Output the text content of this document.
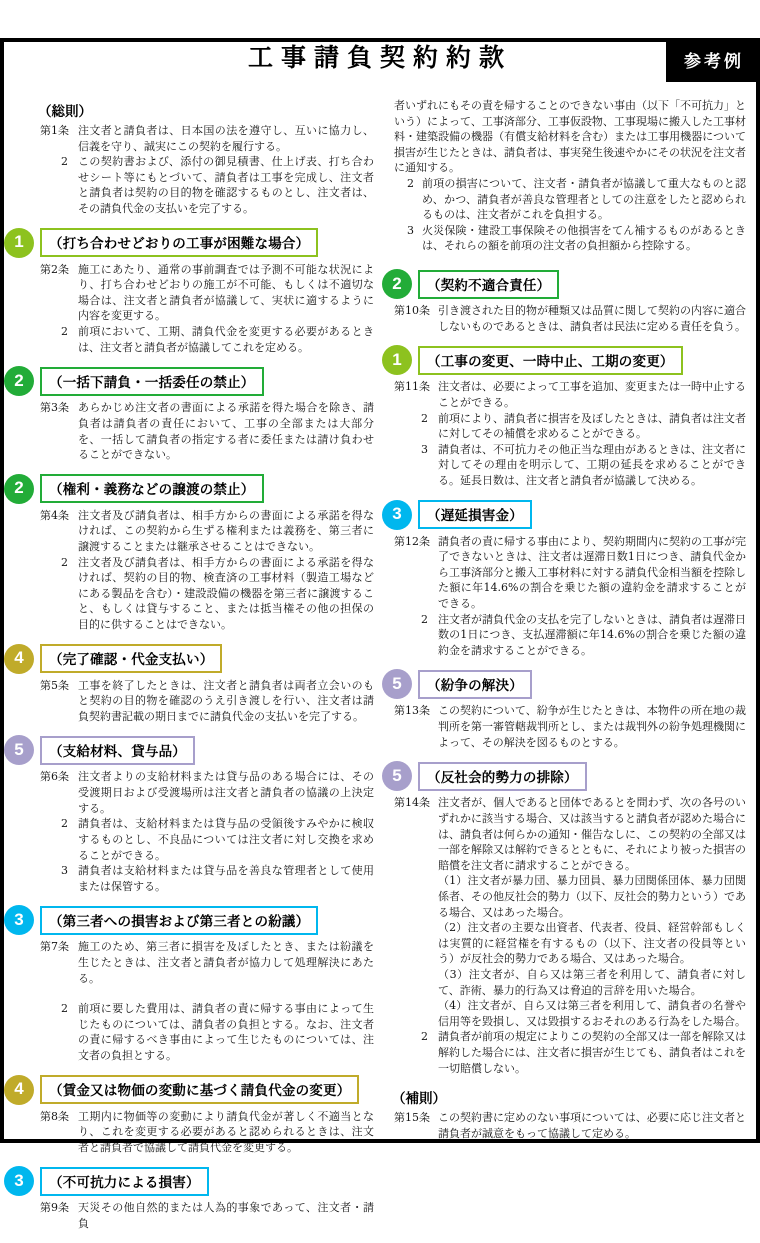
参考例
工事請負契約約款
（総則）
第1条 注文者と請負者は、日本国の法を遵守し、互いに協力し、信義を守り、誠実にこの契約を履行する。
2 この契約書および、添付の御見積書、仕上げ表、打ち合わせシート等にもとづいて、請負者は工事を完成し、注文者と請負者は契約の目的物を確認するものとし、注文者は、その請負代金の支払いを完了する。
1	（打ち合わせどおりの工事が困難な場合）
第2条 施工にあたり、通常の事前調査では予測不可能な状況により、打ち合わせどおりの施工が不可能、もしくは不適切な場合は、注文者と請負者が協議して、実状に適するように内容を変更する。
2 前項において、工期、請負代金を変更する必要があるときは、注文者と請負者が協議してこれを定める。
2	（一括下請負・一括委任の禁止）
第3条 あらかじめ注文者の書面による承諾を得た場合を除き、請負者は請負者の責任において、工事の全部または大部分を、一括して請負者の指定する者に委任または請け負わせることができない。
2	（権利・義務などの譲渡の禁止）
第4条 注文者及び請負者は、相手方からの書面による承諾を得なければ、この契約から生ずる権利または義務を、第三者に譲渡することまたは継承させることはできない。
2 注文者及び請負者は、相手方からの書面による承諾を得なければ、契約の目的物、検査済の工事材料（製造工場などにある製品を含む）・建設設備の機器を第三者に譲渡すること、もしくは貸与すること、または抵当権その他の担保の目的に供することはできない。
4	（完了確認・代金支払い）
第5条 工事を終了したときは、注文者と請負者は両者立会いのもと契約の目的物を確認のうえ引き渡しを行い、注文者は請負契約書記載の期日までに請負代金の支払いを完了する。
5	（支給材料、貸与品）
第6条 注文者よりの支給材料または貸与品のある場合には、その受渡期日および受渡場所は注文者と請負者の協議の上決定する。
2 請負者は、支給材料または貸与品の受領後すみやかに検収するものとし、不良品については注文者に対し交換を求めることができる。
3 請負者は支給材料または貸与品を善良な管理者として使用または保管する。
3	（第三者への損害および第三者との紛議）
第7条 施工のため、第三者に損害を及ぼしたとき、または紛議を生じたときは、注文者と請負者が協力して処理解決にあたる。
2 前項に要した費用は、請負者の責に帰する事由によって生じたものについては、請負者の負担とする。なお、注文者の責に帰するべき事由によって生じたものについては、注文者の負担とする。
4	（賃金又は物価の変動に基づく請負代金の変更）
第8条 工期内に物価等の変動により請負代金が著しく不適当となり、これを変更する必要があると認められるときは、注文者と請負者で協議して請負代金を変更する。
3	（不可抗力による損害）
第9条 天災その他自然的または人為的事象であって、注文者・請負
者いずれにもその責を帰することのできない事由（以下「不可抗力」という）によって、工事済部分、工事仮設物、工事現場に搬入した工事材料・建築設備の機器（有償支給材料を含む）または工事用機器について損害が生じたときは、請負者は、事実発生後速やかにその状況を注文者に通知する。
2 前項の損害について、注文者・請負者が協議して重大なものと認め、かつ、請負者が善良な管理者としての注意をしたと認められるものは、注文者がこれを負担する。
3 火災保険・建設工事保険その他損害をてん補するものがあるときは、それらの額を前項の注文者の負担額から控除する。
2	（契約不適合責任）
第10条 引き渡された目的物が種類又は品質に関して契約の内容に適合しないものであるときは、請負者は民法に定める責任を負う。
1	（工事の変更、一時中止、工期の変更）
第11条 注文者は、必要によって工事を追加、変更または一時中止することができる。
2 前項により、請負者に損害を及ぼしたときは、請負者は注文者に対してその補償を求めることができる。
3 請負者は、不可抗力その他正当な理由があるときは、注文者に対してその理由を明示して、工期の延長を求めることができる。延長日数は、注文者と請負者が協議して決める。
3	（遅延損害金）
第12条 請負者の責に帰する事由により、契約期間内に契約の工事が完了できないときは、注文者は遅滞日数1日につき、請負代金から工事済部分と搬入工事材料に対する請負代金相当額を控除した額に年14.6%の割合を乗じた額の違約金を請求することができる。
2 注文者が請負代金の支払を完了しないときは、請負者は遅滞日数の1日につき、支払遅滞額に年14.6%の割合を乗じた額の違約金を請求することができる。
5	（紛争の解決）
第13条 この契約について、紛争が生じたときは、本物件の所在地の裁判所を第一審管轄裁判所とし、または裁判外の紛争処理機関によって、その解決を図るものとする。
5	（反社会的勢力の排除）
第14条 注文者が、個人であると団体であるとを問わず、次の各号のいずれかに該当する場合、又は該当すると請負者が認めた場合には、請負者は何らかの通知・催告なしに、この契約の全部又は一部を解除又は解約できるとともに、それにより被った損害の賠償を注文者に請求することができる。
（1）注文者が暴力団、暴力団員、暴力団関係団体、暴力団関係者、その他反社会的勢力（以下、反社会的勢力という）である場合、又はあった場合。
（2）注文者の主要な出資者、代表者、役員、経営幹部もしくは実質的に経営権を有するもの（以下、注文者の役員等という）が反社会的勢力である場合、又はあった場合。
（3）注文者が、自ら又は第三者を利用して、請負者に対して、詐術、暴力的行為又は脅迫的言辞を用いた場合。
（4）注文者が、自ら又は第三者を利用して、請負者の名誉や信用等を毀損し、又は毀損するおそれのある行為をした場合。
2 請負者が前項の規定によりこの契約の全部又は一部を解除又は解約した場合には、注文者に損害が生じても、請負者はこれを一切賠償しない。
（補則）
第15条 この契約書に定めのない事項については、必要に応じ注文者と請負者が誠意をもって協議して定める。
